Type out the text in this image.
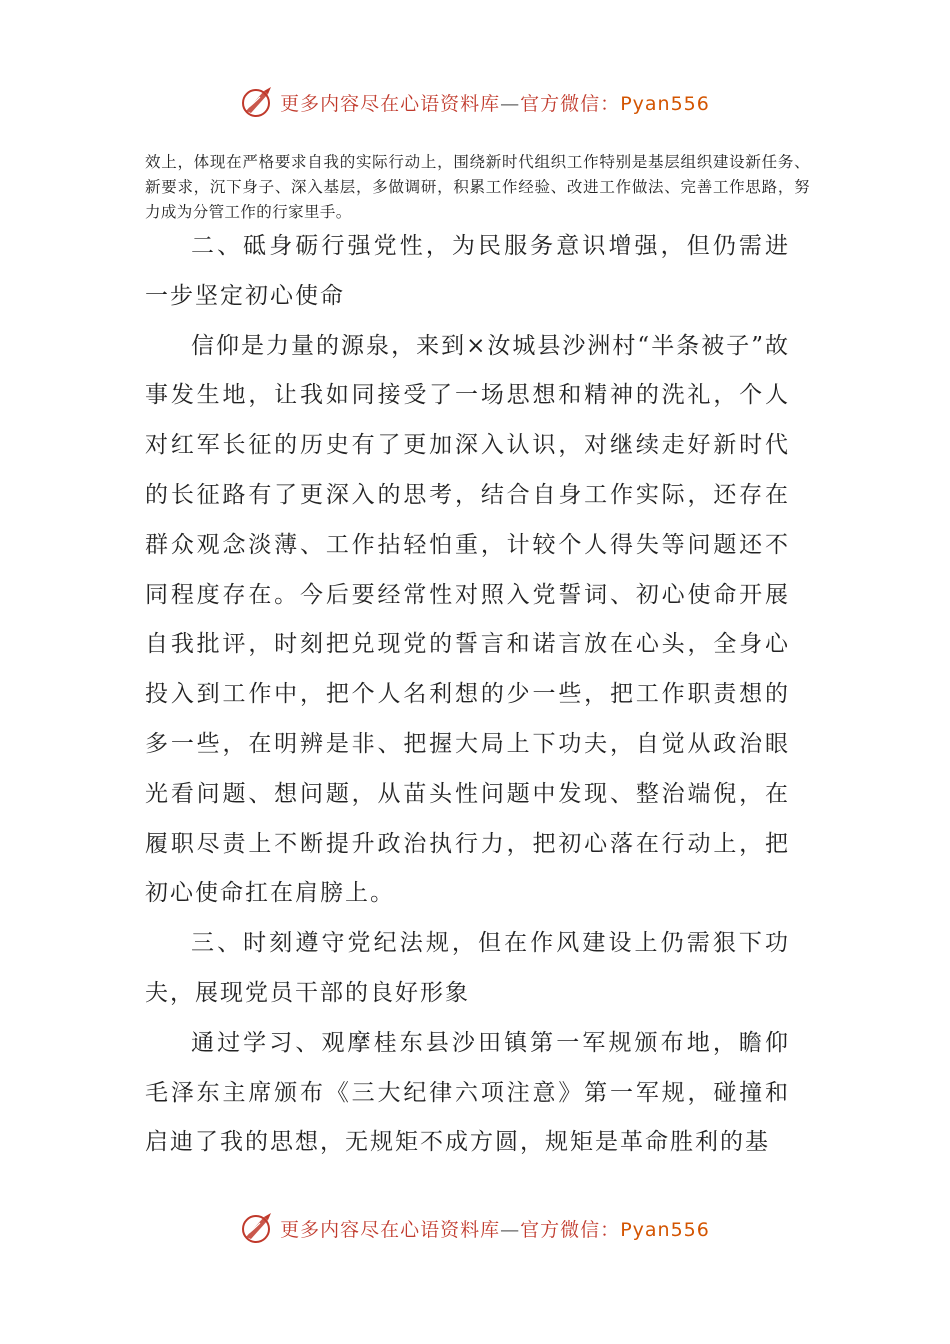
更多内容尽在心语资料库—官方微信：Pyan556

效上，体现在严格要求自我的实际行动上，围绕新时代组织工作特别是基层组织建设新任务、新要求，沉下身子、深入基层，多做调研，积累工作经验、改进工作做法、完善工作思路，努力成为分管工作的行家里手。

二、砥身砺行强党性，为民服务意识增强，但仍需进一步坚定初心使命

信仰是力量的源泉，来到×汝城县沙洲村“半条被子”故事发生地，让我如同接受了一场思想和精神的洗礼，个人对红军长征的历史有了更加深入认识，对继续走好新时代的长征路有了更深入的思考，结合自身工作实际，还存在群众观念淡薄、工作拈轻怕重，计较个人得失等问题还不同程度存在。今后要经常性对照入党誓词、初心使命开展自我批评，时刻把兑现党的誓言和诺言放在心头，全身心投入到工作中，把个人名利想的少一些，把工作职责想的多一些，在明辨是非、把握大局上下功夫，自觉从政治眼光看问题、想问题，从苗头性问题中发现、整治端倪，在履职尽责上不断提升政治执行力，把初心落在行动上，把初心使命扛在肩膀上。

三、时刻遵守党纪法规，但在作风建设上仍需狠下功夫，展现党员干部的良好形象

通过学习、观摩桂东县沙田镇第一军规颁布地，瞻仰毛泽东主席颁布《三大纪律六项注意》第一军规，碰撞和启迪了我的思想，无规矩不成方圆，规矩是革命胜利的基

更多内容尽在心语资料库—官方微信：Pyan556
